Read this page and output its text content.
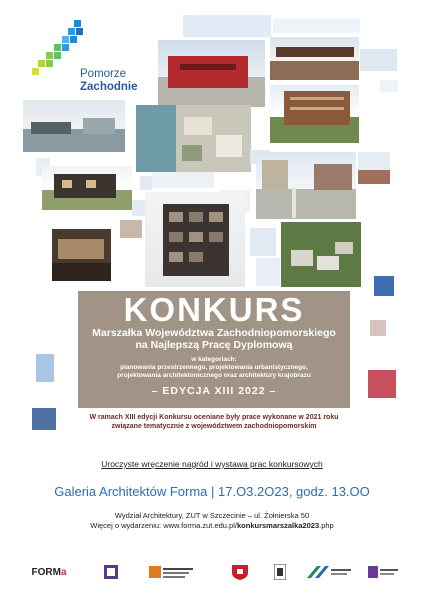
Pomorze
Zachodnie
KONKURS
Marszałka Województwa Zachodniopomorskiego
na Najlepszą Pracę Dyplomową
w kategoriach:
planowania przestrzennego, projektowania urbanistycznego,
projektowania architektonicznego oraz architektury krajobrazu
– EDYCJA XIII 2022 –
W ramach XIII edycji Konkursu oceniane były prace wykonane w 2021 roku
związane tematycznie z województwem zachodniopomorskim
Uroczyste wręczenie nagród i wystawa prac konkursowych
Galeria Architektów Forma | 17.O3.2O23, godz. 13.OO
Wydział Architektury, ZUT w Szczecinie – ul. Żołnierska 50
Więcej o wydarzeniu: www.forma.zut.edu.pl/konkursmarszalka2023.php
FORM a
